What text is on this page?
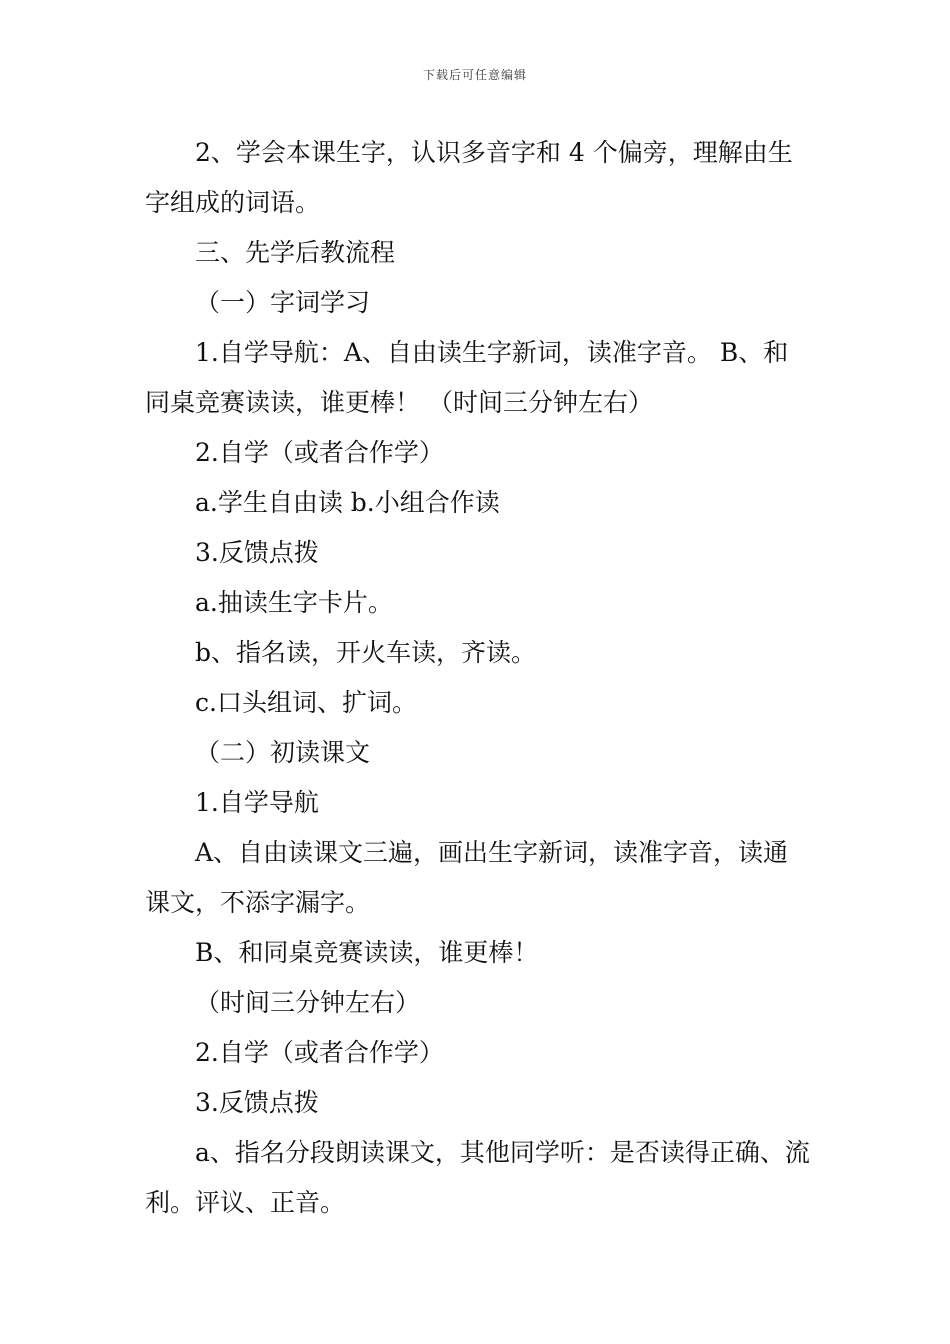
下载后可任意编辑

2、学会本课生字，认识多音字和 4 个偏旁，理解由生字组成的词语。

三、先学后教流程

（一）字词学习

1.自学导航：A、自由读生字新词，读准字音。 B、和同桌竞赛读读，谁更棒！ （时间三分钟左右）

2.自学（或者合作学）

a.学生自由读 b.小组合作读

3.反馈点拨

a.抽读生字卡片。

b、指名读，开火车读，齐读。

c.口头组词、扩词。

（二）初读课文

1.自学导航

A、自由读课文三遍，画出生字新词，读准字音，读通课文，不添字漏字。

B、和同桌竞赛读读，谁更棒！

（时间三分钟左右）

2.自学（或者合作学）

3.反馈点拨

a、指名分段朗读课文，其他同学听：是否读得正确、流利。评议、正音。
